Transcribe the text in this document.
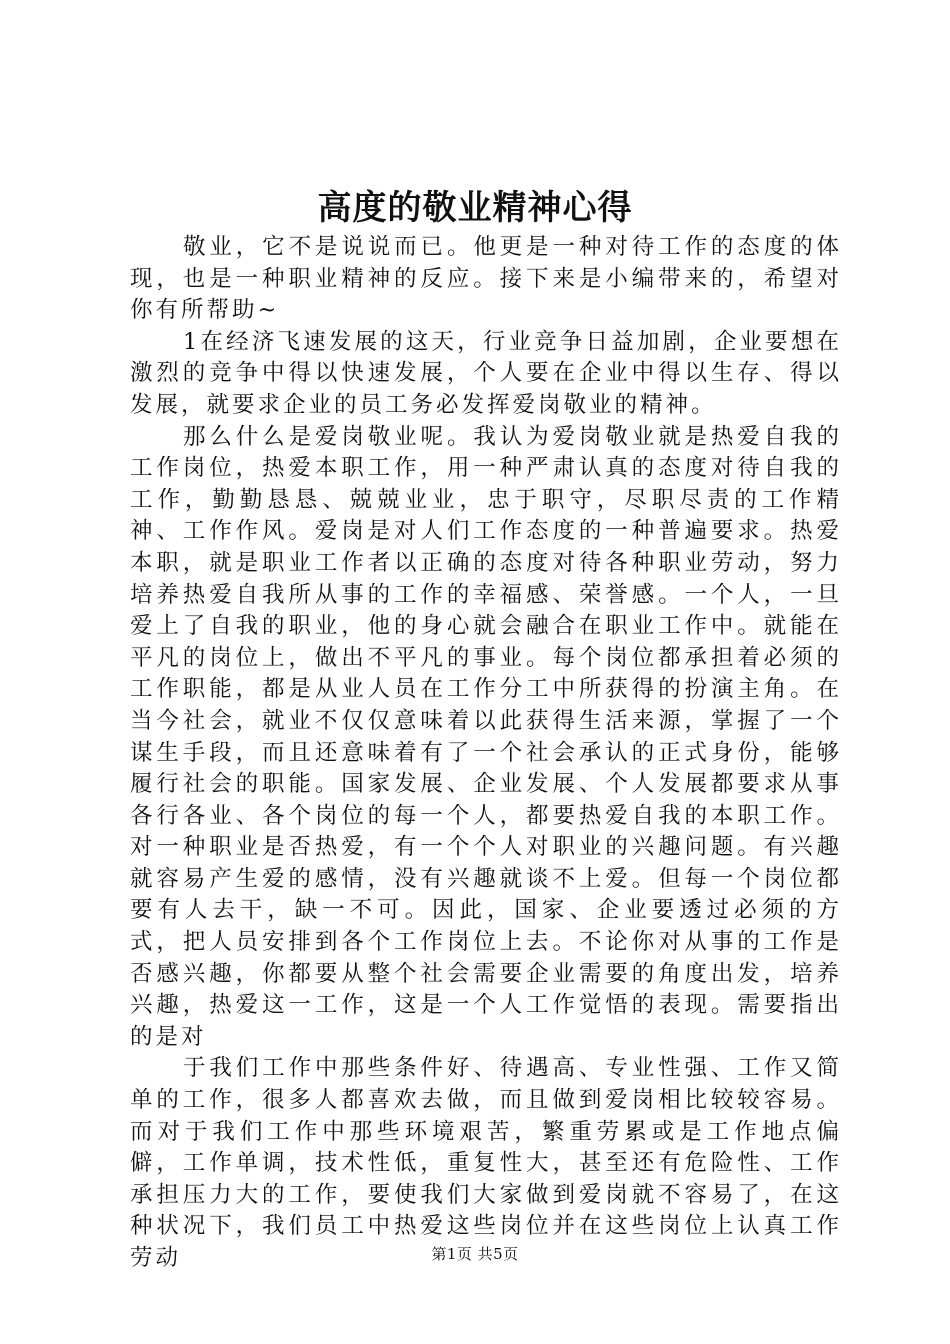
高度的敬业精神心得

敬业，它不是说说而已。他更是一种对待工作的态度的体现，也是一种职业精神的反应。接下来是小编带来的，希望对你有所帮助~

1在经济飞速发展的这天，行业竞争日益加剧，企业要想在激烈的竞争中得以快速发展，个人要在企业中得以生存、得以发展，就要求企业的员工务必发挥爱岗敬业的精神。

那么什么是爱岗敬业呢。我认为爱岗敬业就是热爱自我的工作岗位，热爱本职工作，用一种严肃认真的态度对待自我的工作，勤勤恳恳、兢兢业业，忠于职守，尽职尽责的工作精神、工作作风。爱岗是对人们工作态度的一种普遍要求。热爱本职，就是职业工作者以正确的态度对待各种职业劳动，努力培养热爱自我所从事的工作的幸福感、荣誉感。一个人，一旦爱上了自我的职业，他的身心就会融合在职业工作中。就能在平凡的岗位上，做出不平凡的事业。每个岗位都承担着必须的工作职能，都是从业人员在工作分工中所获得的扮演主角。在当今社会，就业不仅仅意味着以此获得生活来源，掌握了一个谋生手段，而且还意味着有了一个社会承认的正式身份，能够履行社会的职能。国家发展、企业发展、个人发展都要求从事各行各业、各个岗位的每一个人，都要热爱自我的本职工作。对一种职业是否热爱，有一个个人对职业的兴趣问题。有兴趣就容易产生爱的感情，没有兴趣就谈不上爱。但每一个岗位都要有人去干，缺一不可。因此，国家、企业要透过必须的方式，把人员安排到各个工作岗位上去。不论你对从事的工作是否感兴趣，你都要从整个社会需要企业需要的角度出发，培养兴趣，热爱这一工作，这是一个人工作觉悟的表现。需要指出的是对

于我们工作中那些条件好、待遇高、专业性强、工作又简单的工作，很多人都喜欢去做，而且做到爱岗相比较较容易。而对于我们工作中那些环境艰苦，繁重劳累或是工作地点偏僻，工作单调，技术性低，重复性大，甚至还有危险性、工作承担压力大的工作，要使我们大家做到爱岗就不容易了，在这种状况下，我们员工中热爱这些岗位并在这些岗位上认真工作劳动	第1页 共5页
